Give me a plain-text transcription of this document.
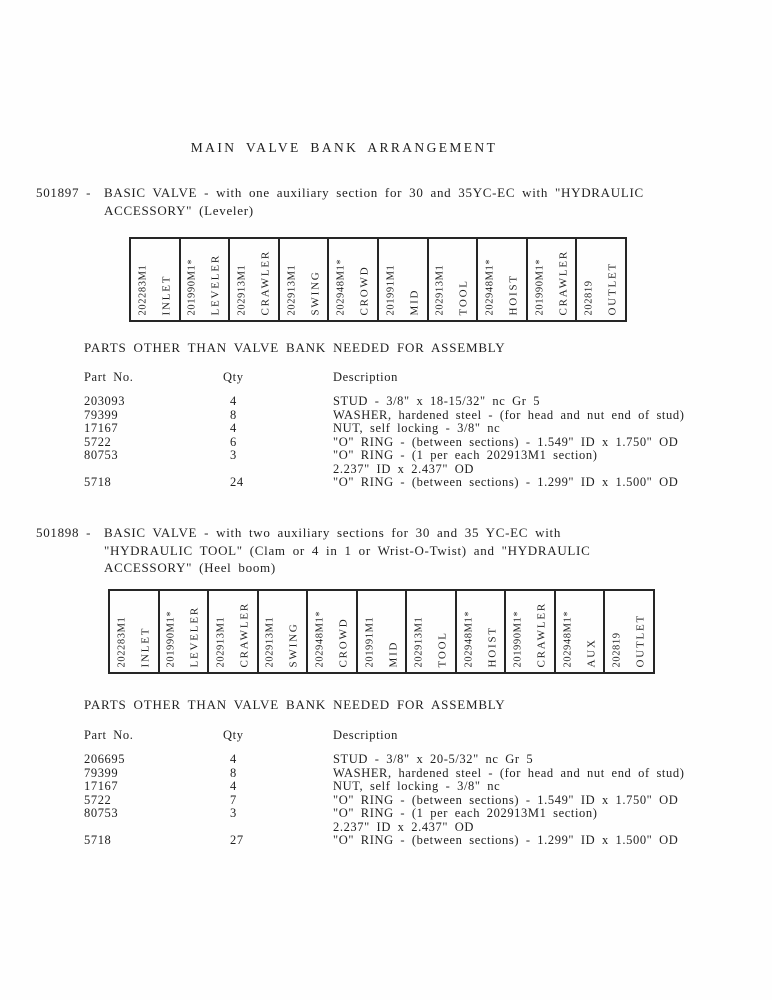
MAIN VALVE BANK ARRANGEMENT
501897 - BASIC VALVE - with one auxiliary section for 30 and 35YC-EC with "HYDRAULIC
ACCESSORY" (Leveler)
202283M1 INLET 201990M1* LEVELER 202913M1 CRAWLER 202913M1 SWING 202948M1* CROWD 201991M1 MID 202913M1 TOOL 202948M1* HOIST 201990M1* CRAWLER 202819 OUTLET
PARTS OTHER THAN VALVE BANK NEEDED FOR ASSEMBLY
Part No.	Qty	Description
203093	4	STUD - 3/8" x 18-15/32" nc Gr 5
79399	8	WASHER, hardened steel - (for head and nut end of stud)
17167	4	NUT, self locking - 3/8" nc
5722	6	"O" RING - (between sections) - 1.549" ID x 1.750" OD
80753	3	"O" RING - (1 per each 202913M1 section)
2.237" ID x 2.437" OD
5718	24	"O" RING - (between sections) - 1.299" ID x 1.500" OD
501898 - BASIC VALVE - with two auxiliary sections for 30 and 35 YC-EC with
"HYDRAULIC TOOL" (Clam or 4 in 1 or Wrist-O-Twist) and "HYDRAULIC
ACCESSORY" (Heel boom)
202283M1 INLET 201990M1* LEVELER 202913M1 CRAWLER 202913M1 SWING 202948M1* CROWD 201991M1 MID 202913M1 TOOL 202948M1* HOIST 201990M1* CRAWLER 202948M1* AUX 202819 OUTLET
PARTS OTHER THAN VALVE BANK NEEDED FOR ASSEMBLY
Part No.	Qty	Description
206695	4	STUD - 3/8" x 20-5/32" nc Gr 5
79399	8	WASHER, hardened steel - (for head and nut end of stud)
17167	4	NUT, self locking - 3/8" nc
5722	7	"O" RING - (between sections) - 1.549" ID x 1.750" OD
80753	3	"O" RING - (1 per each 202913M1 section)
2.237" ID x 2.437" OD
5718	27	"O" RING - (between sections) - 1.299" ID x 1.500" OD
